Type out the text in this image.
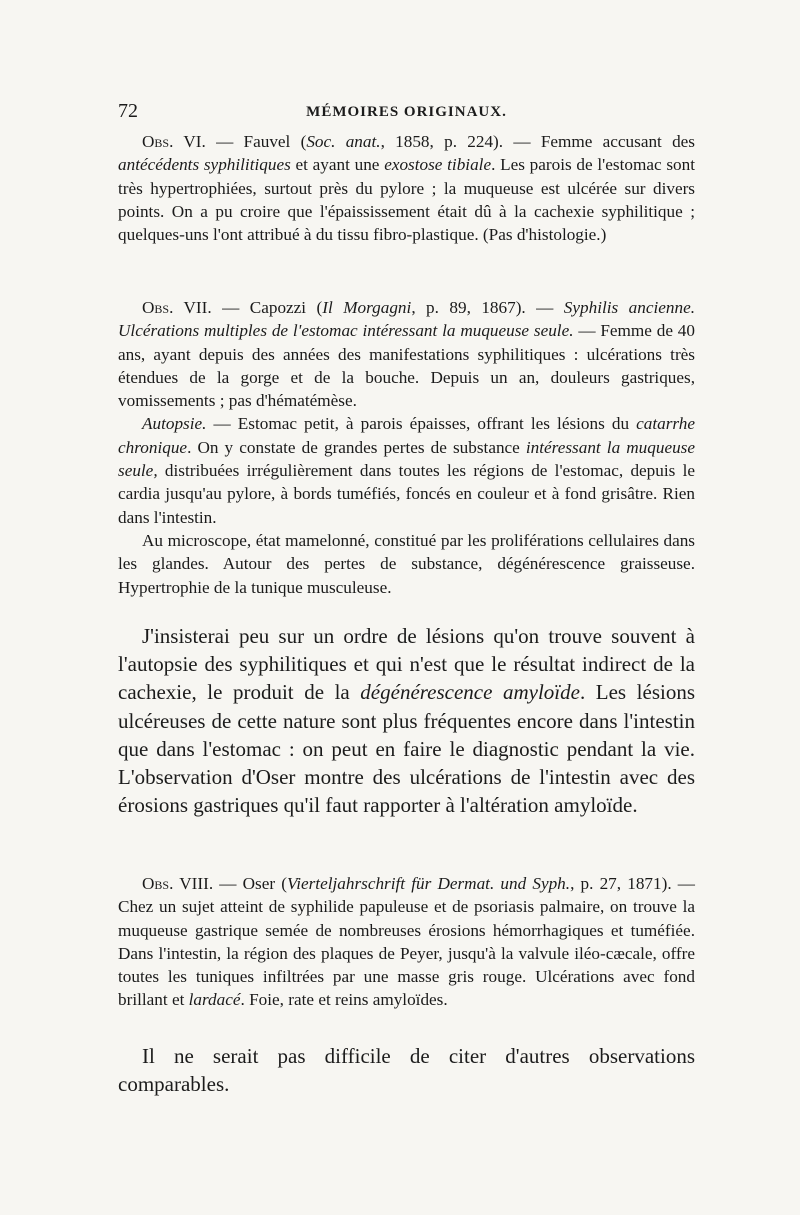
72	MÉMOIRES ORIGINAUX.

Obs. VI. — Fauvel (Soc. anat., 1858, p. 224). — Femme accusant des antécédents syphilitiques et ayant une exostose tibiale. Les parois de l'estomac sont très hypertrophiées, surtout près du pylore ; la muqueuse est ulcérée sur divers points. On a pu croire que l'épaississement était dû à la cachexie syphilitique ; quelques-uns l'ont attribué à du tissu fibro-plastique. (Pas d'histologie.)

Obs. VII. — Capozzi (Il Morgagni, p. 89, 1867). — Syphilis ancienne. Ulcérations multiples de l'estomac intéressant la muqueuse seule. — Femme de 40 ans, ayant depuis des années des manifestations syphilitiques : ulcérations très étendues de la gorge et de la bouche. Depuis un an, douleurs gastriques, vomissements ; pas d'hématémèse.

Autopsie. — Estomac petit, à parois épaisses, offrant les lésions du catarrhe chronique. On y constate de grandes pertes de substance intéressant la muqueuse seule, distribuées irrégulièrement dans toutes les régions de l'estomac, depuis le cardia jusqu'au pylore, à bords tuméfiés, foncés en couleur et à fond grisâtre. Rien dans l'intestin.

Au microscope, état mamelonné, constitué par les proliférations cellulaires dans les glandes. Autour des pertes de substance, dégénérescence graisseuse. Hypertrophie de la tunique musculeuse.

J'insisterai peu sur un ordre de lésions qu'on trouve souvent à l'autopsie des syphilitiques et qui n'est que le résultat indirect de la cachexie, le produit de la dégénérescence amyloïde. Les lésions ulcéreuses de cette nature sont plus fréquentes encore dans l'intestin que dans l'estomac : on peut en faire le diagnostic pendant la vie. L'observation d'Oser montre des ulcérations de l'intestin avec des érosions gastriques qu'il faut rapporter à l'altération amyloïde.

Obs. VIII. — Oser (Vierteljahrschrift für Dermat. und Syph., p. 27, 1871). — Chez un sujet atteint de syphilide papuleuse et de psoriasis palmaire, on trouve la muqueuse gastrique semée de nombreuses érosions hémorrhagiques et tuméfiée. Dans l'intestin, la région des plaques de Peyer, jusqu'à la valvule iléo-cæcale, offre toutes les tuniques infiltrées par une masse gris rouge. Ulcérations avec fond brillant et lardacé. Foie, rate et reins amyloïdes.

Il ne serait pas difficile de citer d'autres observations comparables.
